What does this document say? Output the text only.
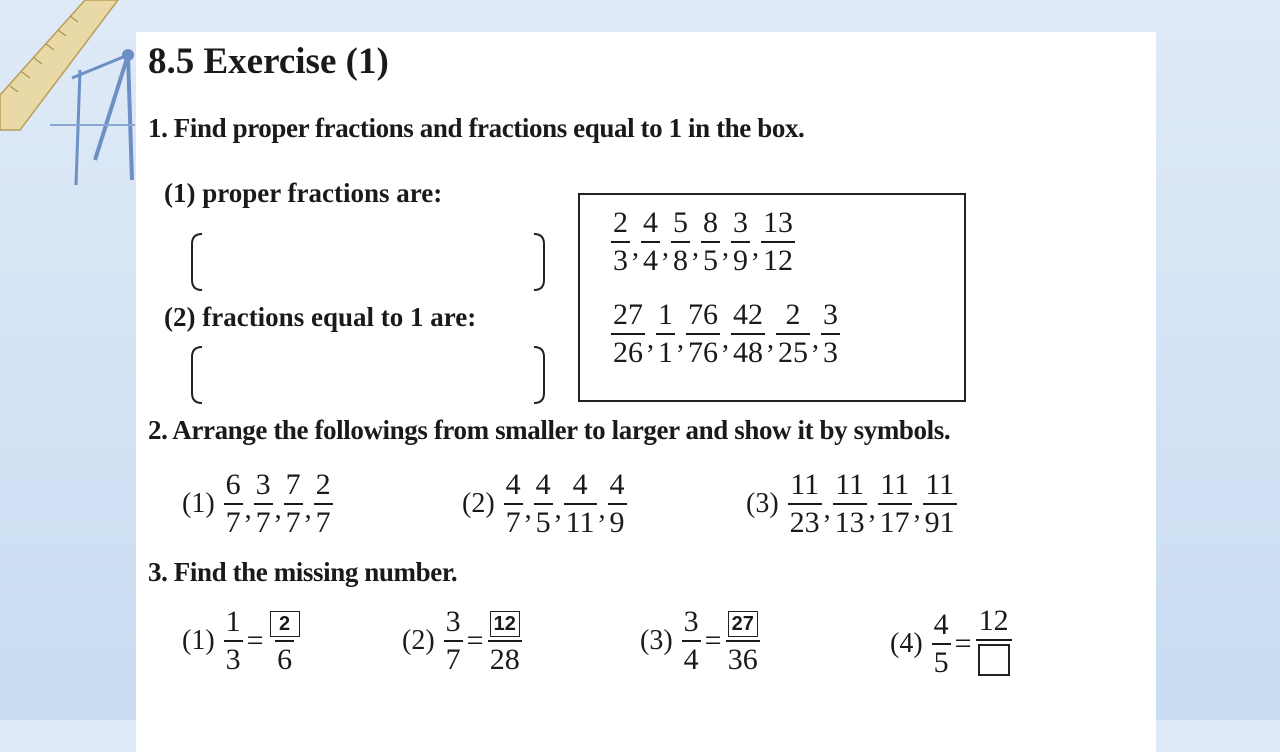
8.5 Exercise (1)
1. Find proper fractions and fractions equal to 1 in the box.
(1) proper fractions are:
(2) fractions equal to 1 are:
$\frac{2}{3}$ , $\frac{4}{4}$ , $\frac{5}{8}$ , $\frac{8}{5}$ , $\frac{3}{9}$ , $\frac{13}{12}$
$\frac{27}{26}$ , $\frac{1}{1}$ , $\frac{76}{76}$ , $\frac{42}{48}$ , $\frac{2}{25}$ , $\frac{3}{3}$
2. Arrange the followings from smaller to larger and show it by symbols.
$(1) \frac{6}{7}$ , $\frac{3}{7}$ , $\frac{7}{7}$ , $\frac{2}{7}$	$(2) \frac{4}{7}$ , $\frac{4}{5}$ , $\frac{4}{11}$ , $\frac{4}{9}$	$(3) \frac{11}{23}$ , $\frac{11}{13}$ , $\frac{11}{17}$ , $\frac{11}{91}$
3. Find the missing number.
$(1) \frac{1}{3} = \frac{2}{6}$	$(2) \frac{3}{7} = \frac{12}{28}$	$(3) \frac{3}{4} = \frac{27}{36}$	$(4) \frac{4}{5}$ =
12
